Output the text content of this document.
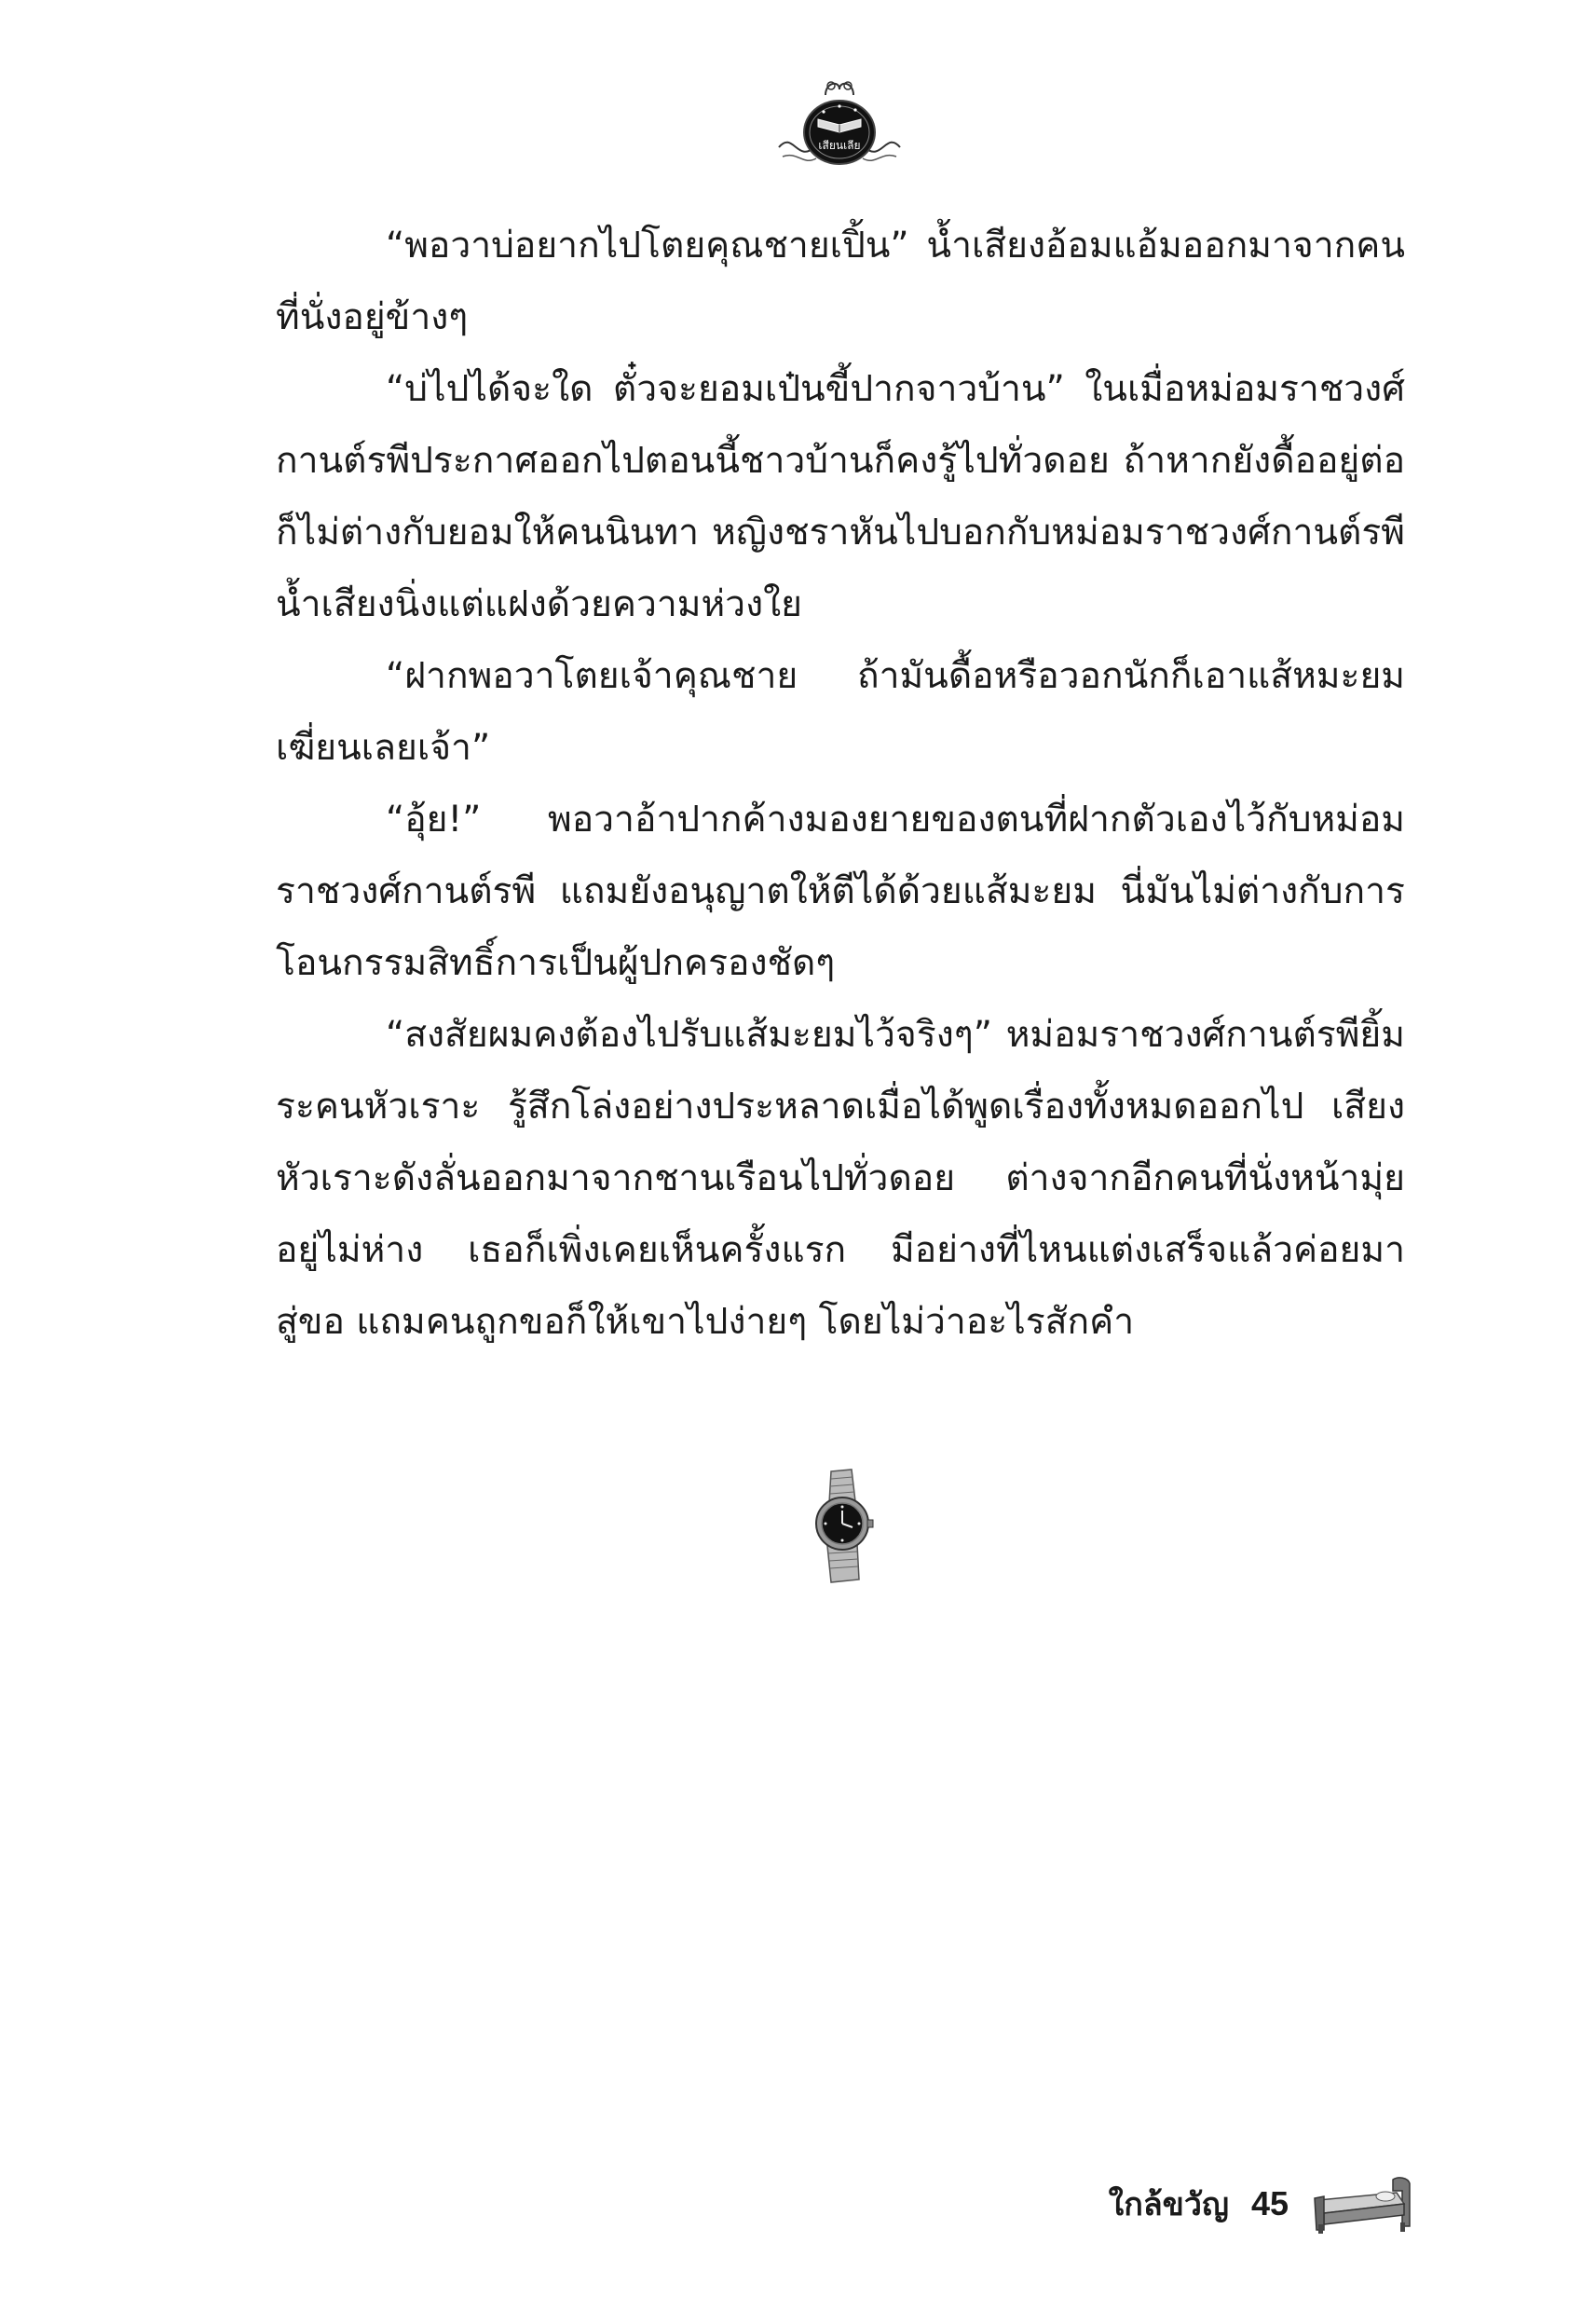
เสียนเลีย

“พอวาบ่อยากไปโตยคุณชายเปิ้น” น้ำเสียงอ้อมแอ้มออกมาจากคนที่นั่งอยู่ข้างๆ

“บ่ไปได้จะใด ตั๋วจะยอมเป๋นขี้ปากจาวบ้าน” ในเมื่อหม่อมราชวงศ์กานต์รพีประกาศออกไปตอนนี้ชาวบ้านก็คงรู้ไปทั่วดอย ถ้าหากยังดื้ออยู่ต่อก็ไม่ต่างกับยอมให้คนนินทา หญิงชราหันไปบอกกับหม่อมราชวงศ์กานต์รพีน้ำเสียงนิ่งแต่แฝงด้วยความห่วงใย

“ฝากพอวาโตยเจ้าคุณชาย ถ้ามันดื้อหรือวอกนักก็เอาแส้หมะยมเฆี่ยนเลยเจ้า”

“อุ้ย!” พอวาอ้าปากค้างมองยายของตนที่ฝากตัวเองไว้กับหม่อมราชวงศ์กานต์รพี แถมยังอนุญาตให้ตีได้ด้วยแส้มะยม นี่มันไม่ต่างกับการโอนกรรมสิทธิ์การเป็นผู้ปกครองชัดๆ

“สงสัยผมคงต้องไปรับแส้มะยมไว้จริงๆ” หม่อมราชวงศ์กานต์รพียิ้มระคนหัวเราะ รู้สึกโล่งอย่างประหลาดเมื่อได้พูดเรื่องทั้งหมดออกไป เสียงหัวเราะดังลั่นออกมาจากชานเรือนไปทั่วดอย ต่างจากอีกคนที่นั่งหน้ามุ่ยอยู่ไม่ห่าง เธอก็เพิ่งเคยเห็นครั้งแรก มีอย่างที่ไหนแต่งเสร็จแล้วค่อยมาสู่ขอ แถมคนถูกขอก็ให้เขาไปง่ายๆ โดยไม่ว่าอะไรสักคำ

ใกล้ขวัญ 45
